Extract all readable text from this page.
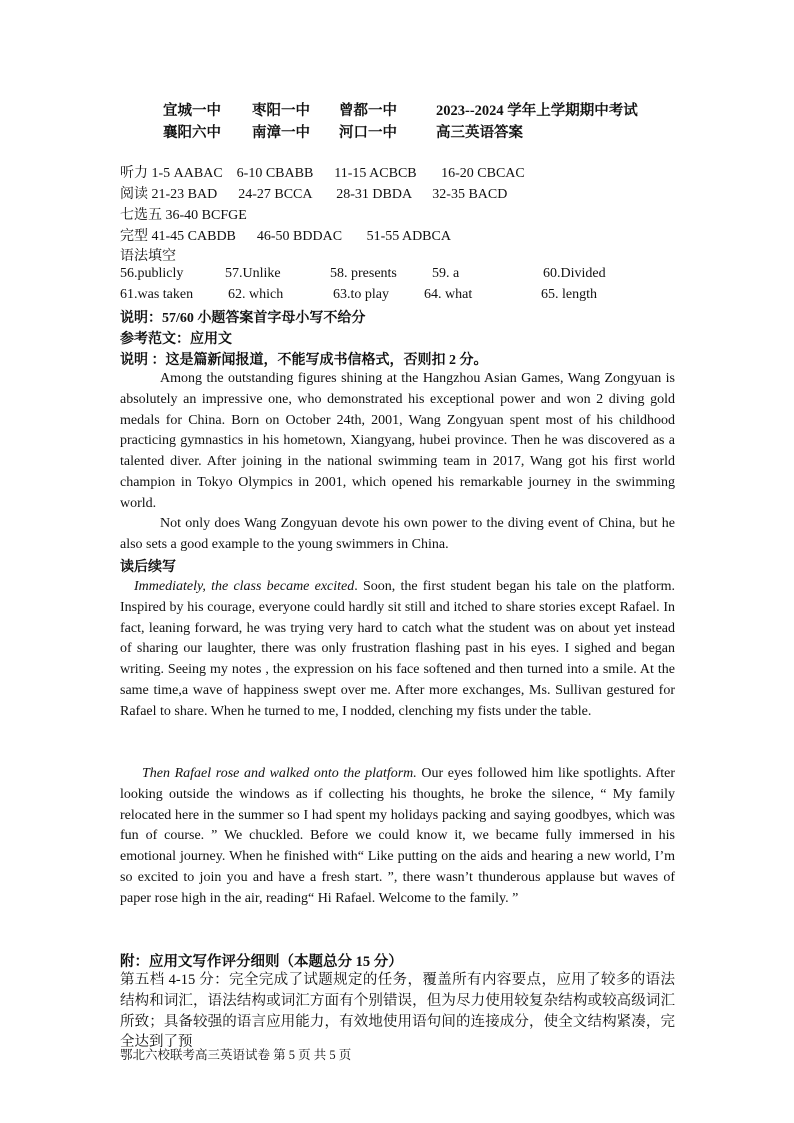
宜城一中 枣阳一中 曾都一中	2023--2024 学年上学期期中考试
襄阳六中 南漳一中 河口一中	高三英语答案
听力 1-5 AABAC    6-10 CBABB      11-15 ACBCB       16-20 CBCAC
阅读 21-23 BAD      24-27 BCCA       28-31 DBDA      32-35 BACD
七选五 36-40 BCFGE
完型 41-45 CABDB      46-50 BDDAC       51-55 ADBCA
语法填空
56.publicly	57.Unlike	58. presents	59. a	60.Divided
61.was taken 62. which	63.to play	64. what	65. length
说明：57/60 小题答案首字母小写不给分
参考范文：应用文
说明 ：这是篇新闻报道，不能写成书信格式，否则扣 2 分。
Among the outstanding figures shining at the Hangzhou Asian Games, Wang Zongyuan is absolutely an impressive one, who demonstrated his exceptional power and won 2 diving gold medals for China. Born on October 24th, 2001, Wang Zongyuan spent most of his childhood practicing gymnastics in his hometown, Xiangyang, hubei province. Then he was discovered as a talented diver. After joining in the national swimming team in 2017, Wang got his first world champion in Tokyo Olympics in 2001, which opened his remarkable journey in the swimming world.
Not only does Wang Zongyuan devote his own power to the diving event of China, but he also sets a good example to the young swimmers in China.
读后续写
Immediately, the class became excited. Soon, the first student began his tale on the platform. Inspired by his courage, everyone could hardly sit still and itched to share stories except Rafael. In fact, leaning forward, he was trying very hard to catch what the student was on about yet instead of sharing our laughter, there was only frustration flashing past in his eyes. I sighed and began writing. Seeing my notes , the expression on his face softened and then turned into a smile. At the same time,a wave of happiness swept over me. After more exchanges, Ms. Sullivan gestured for Rafael to share. When he turned to me, I nodded, clenching my fists under the table.
Then Rafael rose and walked onto the platform. Our eyes followed him like spotlights. After looking outside the windows as if collecting his thoughts, he broke the silence, “ My family relocated here in the summer so I had spent my holidays packing and saying goodbyes, which was fun of course. ” We chuckled. Before we could know it, we became fully immersed in his emotional journey. When he finished with“ Like putting on the aids and hearing a new world, I’m so excited to join you and have a fresh start. ”, there wasn’t thunderous applause but waves of paper rose high in the air, reading“ Hi Rafael. Welcome to the family. ”
附：应用文写作评分细则（本题总分 15 分）
第五档 4-15 分：完全完成了试题规定的任务，覆盖所有内容要点，应用了较多的语法结构和词汇，语法结构或词汇方面有个别错误，但为尽力使用较复杂结构或较高级词汇所致；具备较强的语言应用能力，有效地使用语句间的连接成分，使全文结构紧凑，完全达到了预
鄂北六校联考高三英语试卷 第 5 页 共 5 页
